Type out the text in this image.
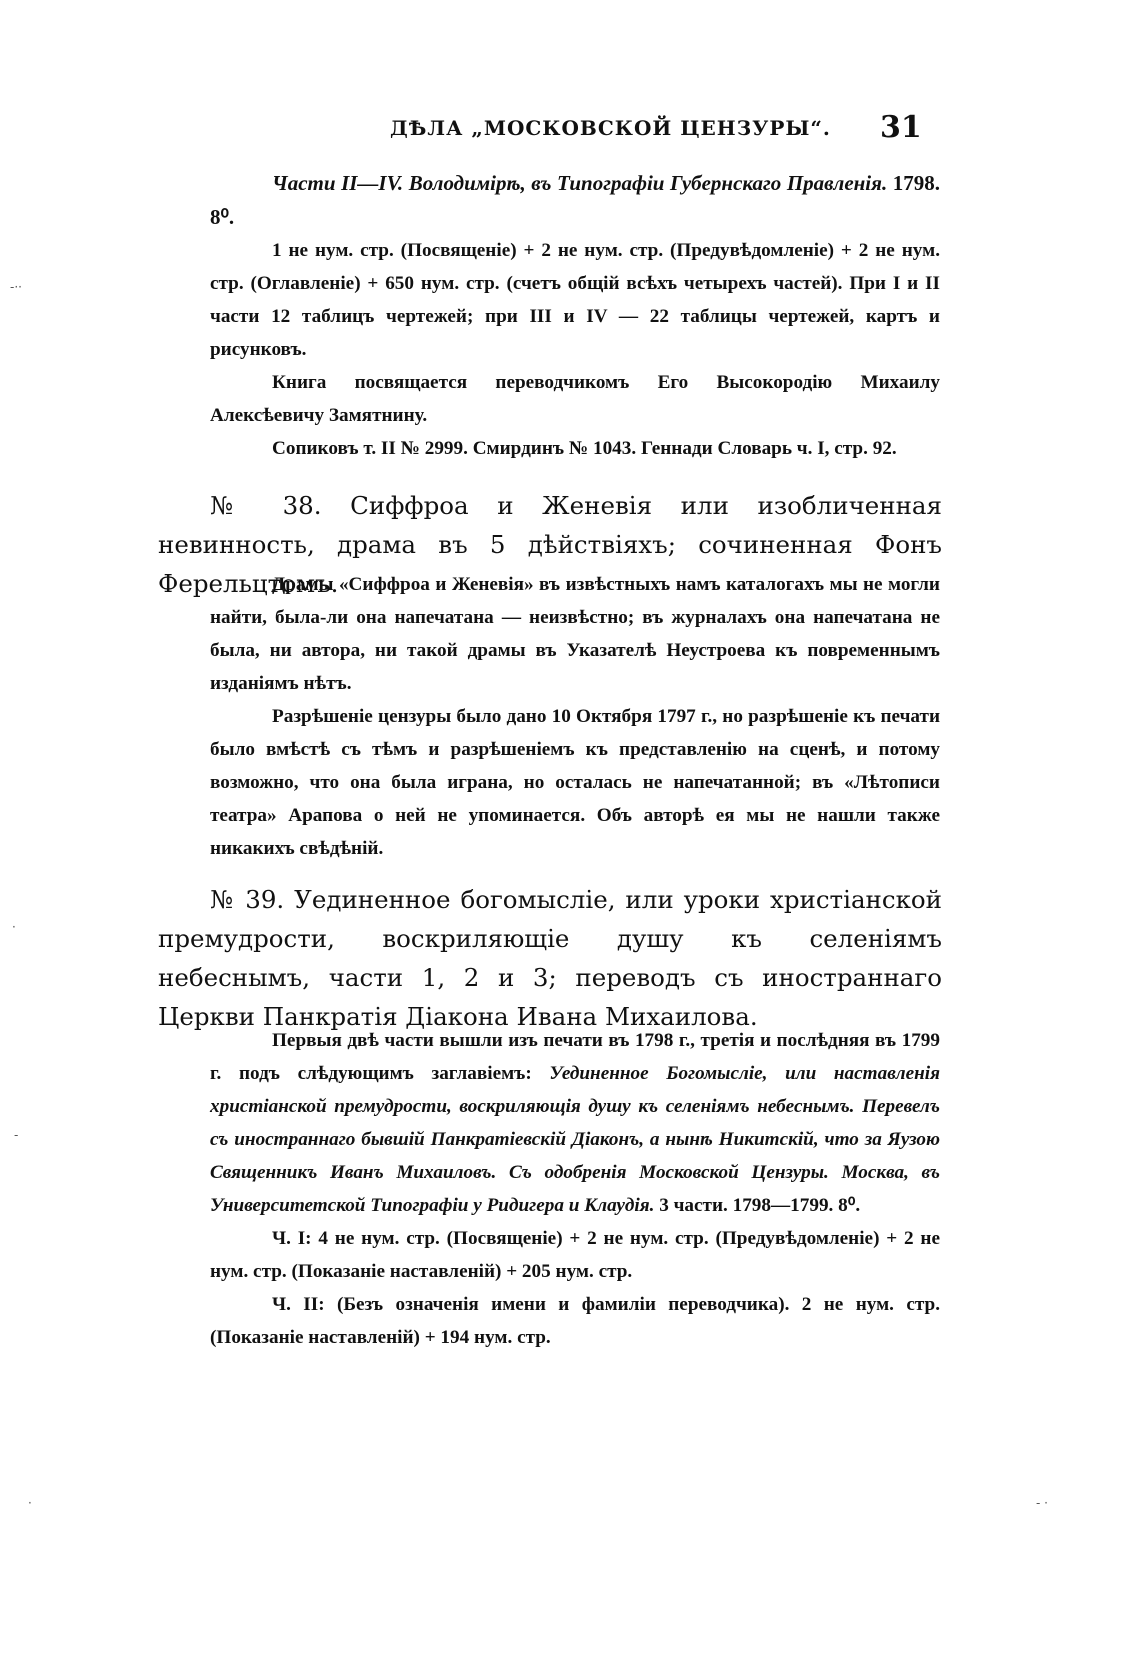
ДѢЛА „МОСКОВСКОЙ ЦЕНЗУРЫ“. 31

Части II—IV. Володимірѣ, въ Типографіи Губернскаго Правленія. 1798. 8⁰.

1 не нум. стр. (Посвященіе) + 2 не нум. стр. (Предувѣдомленіе) + 2 не нум. стр. (Оглавленіе) + 650 нум. стр. (счетъ общій всѣхъ четырехъ частей). При I и II части 12 таблицъ чертежей; при III и IV — 22 таблицы чертежей, картъ и рисунковъ.

Книга посвящается переводчикомъ Его Высокородію Михаилу Алексѣевичу Замятнину.

Сопиковъ т. II № 2999. Смирдинъ № 1043. Геннади Словарь ч. I, стр. 92.

№ 38. Сиффроа и Женевія или изобличенная невинность, драма въ 5 дѣйствіяхъ; сочиненная Фонъ Ферельцтомъ.

Драмы «Сиффроа и Женевія» въ извѣстныхъ намъ каталогахъ мы не могли найти, была-ли она напечатана — неизвѣстно; въ журналахъ она напечатана не была, ни автора, ни такой драмы въ Указателѣ Неустроева къ повременнымъ изданіямъ нѣтъ.

Разрѣшеніе цензуры было дано 10 Октября 1797 г., но разрѣшеніе къ печати было вмѣстѣ съ тѣмъ и разрѣшеніемъ къ представленію на сценѣ, и потому возможно, что она была играна, но осталась не напечатанной; въ «Лѣтописи театра» Арапова о ней не упоминается. Объ авторѣ ея мы не нашли также никакихъ свѣдѣній.

№ 39. Уединенное богомысліе, или уроки христіанской премудрости, воскриляющіе душу къ селеніямъ небеснымъ, части 1, 2 и 3; переводъ съ иностраннаго Церкви Панкратія Діакона Ивана Михаилова.

Первыя двѣ части вышли изъ печати въ 1798 г., третія и послѣдняя въ 1799 г. подъ слѣдующимъ заглавіемъ: Уединенное Богомысліе, или наставленія христіанской премудрости, воскриляющія душу къ селеніямъ небеснымъ. Перевелъ съ иностраннаго бывшій Панкратіевскій Діаконъ, а нынѣ Никитскій, что за Яузою Священникъ Иванъ Михаиловъ. Съ одобренія Московской Цензуры. Москва, въ Университетской Типографіи у Ридигера и Клаудія. 3 части. 1798—1799. 8⁰.

Ч. I: 4 не нум. стр. (Посвященіе) + 2 не нум. стр. (Предувѣдомленіе) + 2 не нум. стр. (Показаніе наставленій) + 205 нум. стр.

Ч. II: (Безъ означенія имени и фамиліи переводчика). 2 не нум. стр. (Показаніе наставленій) + 194 нум. стр.

-··
·
-
·	- ·
